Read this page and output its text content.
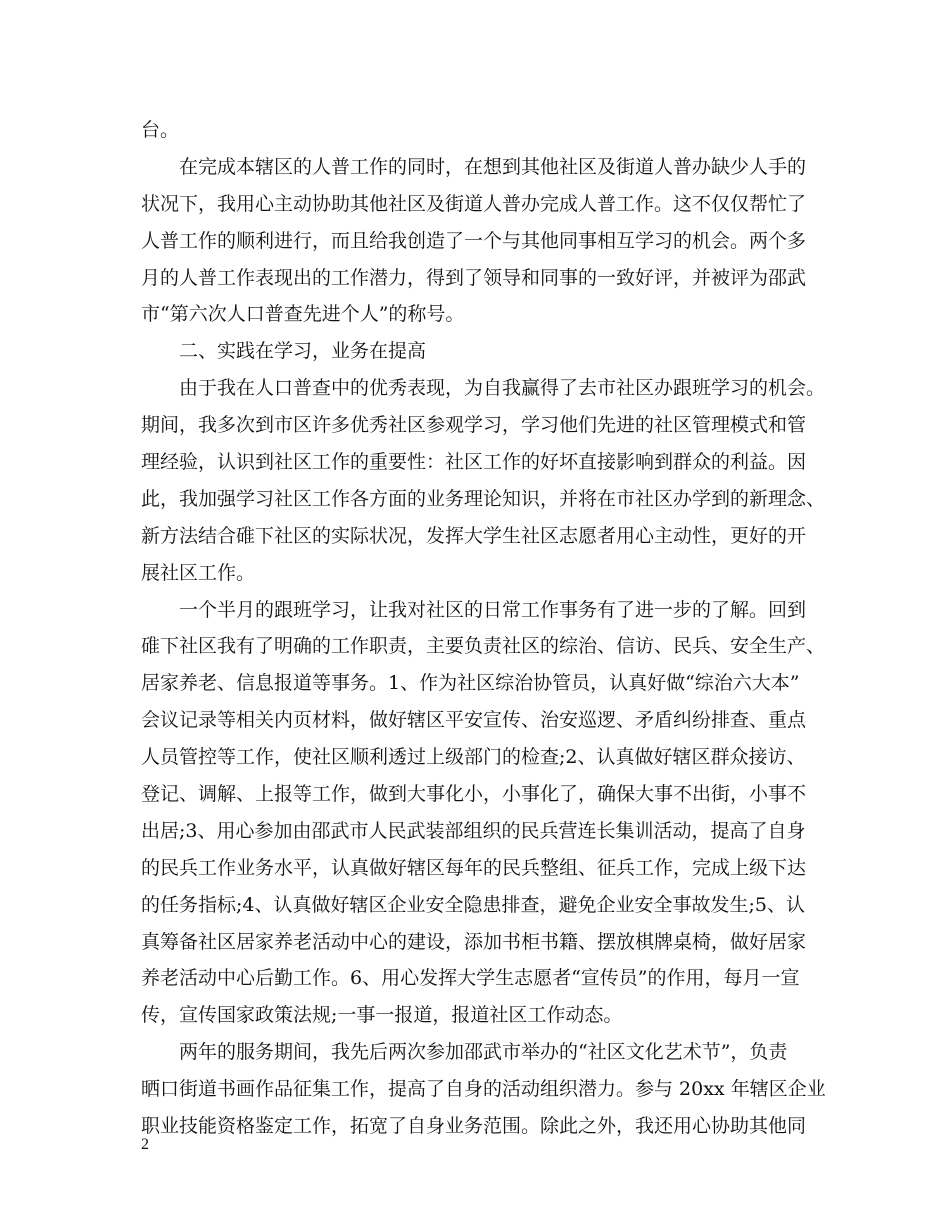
台。
　　在完成本辖区的人普工作的同时，在想到其他社区及街道人普办缺少人手的
状况下，我用心主动协助其他社区及街道人普办完成人普工作。这不仅仅帮忙了
人普工作的顺利进行，而且给我创造了一个与其他同事相互学习的机会。两个多
月的人普工作表现出的工作潜力，得到了领导和同事的一致好评，并被评为邵武
市“第六次人口普查先进个人”的称号。
　　二、实践在学习，业务在提高
　　由于我在人口普查中的优秀表现，为自我赢得了去市社区办跟班学习的机会。
期间，我多次到市区许多优秀社区参观学习，学习他们先进的社区管理模式和管
理经验，认识到社区工作的重要性：社区工作的好坏直接影响到群众的利益。因
此，我加强学习社区工作各方面的业务理论知识，并将在市社区办学到的新理念、
新方法结合碓下社区的实际状况，发挥大学生社区志愿者用心主动性，更好的开
展社区工作。
　　一个半月的跟班学习，让我对社区的日常工作事务有了进一步的了解。回到
碓下社区我有了明确的工作职责，主要负责社区的综治、信访、民兵、安全生产、
居家养老、信息报道等事务。1、作为社区综治协管员，认真好做“综治六大本”
会议记录等相关内页材料，做好辖区平安宣传、治安巡逻、矛盾纠纷排查、重点
人员管控等工作，使社区顺利透过上级部门的检查;2、认真做好辖区群众接访、
登记、调解、上报等工作，做到大事化小，小事化了，确保大事不出街，小事不
出居;3、用心参加由邵武市人民武装部组织的民兵营连长集训活动，提高了自身
的民兵工作业务水平，认真做好辖区每年的民兵整组、征兵工作，完成上级下达
的任务指标;4、认真做好辖区企业安全隐患排查，避免企业安全事故发生;5、认
真筹备社区居家养老活动中心的建设，添加书柜书籍、摆放棋牌桌椅，做好居家
养老活动中心后勤工作。6、用心发挥大学生志愿者“宣传员”的作用，每月一宣
传，宣传国家政策法规;一事一报道，报道社区工作动态。
　　两年的服务期间，我先后两次参加邵武市举办的“社区文化艺术节”，负责
晒口街道书画作品征集工作，提高了自身的活动组织潜力。参与 20xx 年辖区企业
职业技能资格鉴定工作，拓宽了自身业务范围。除此之外，我还用心协助其他同
2
